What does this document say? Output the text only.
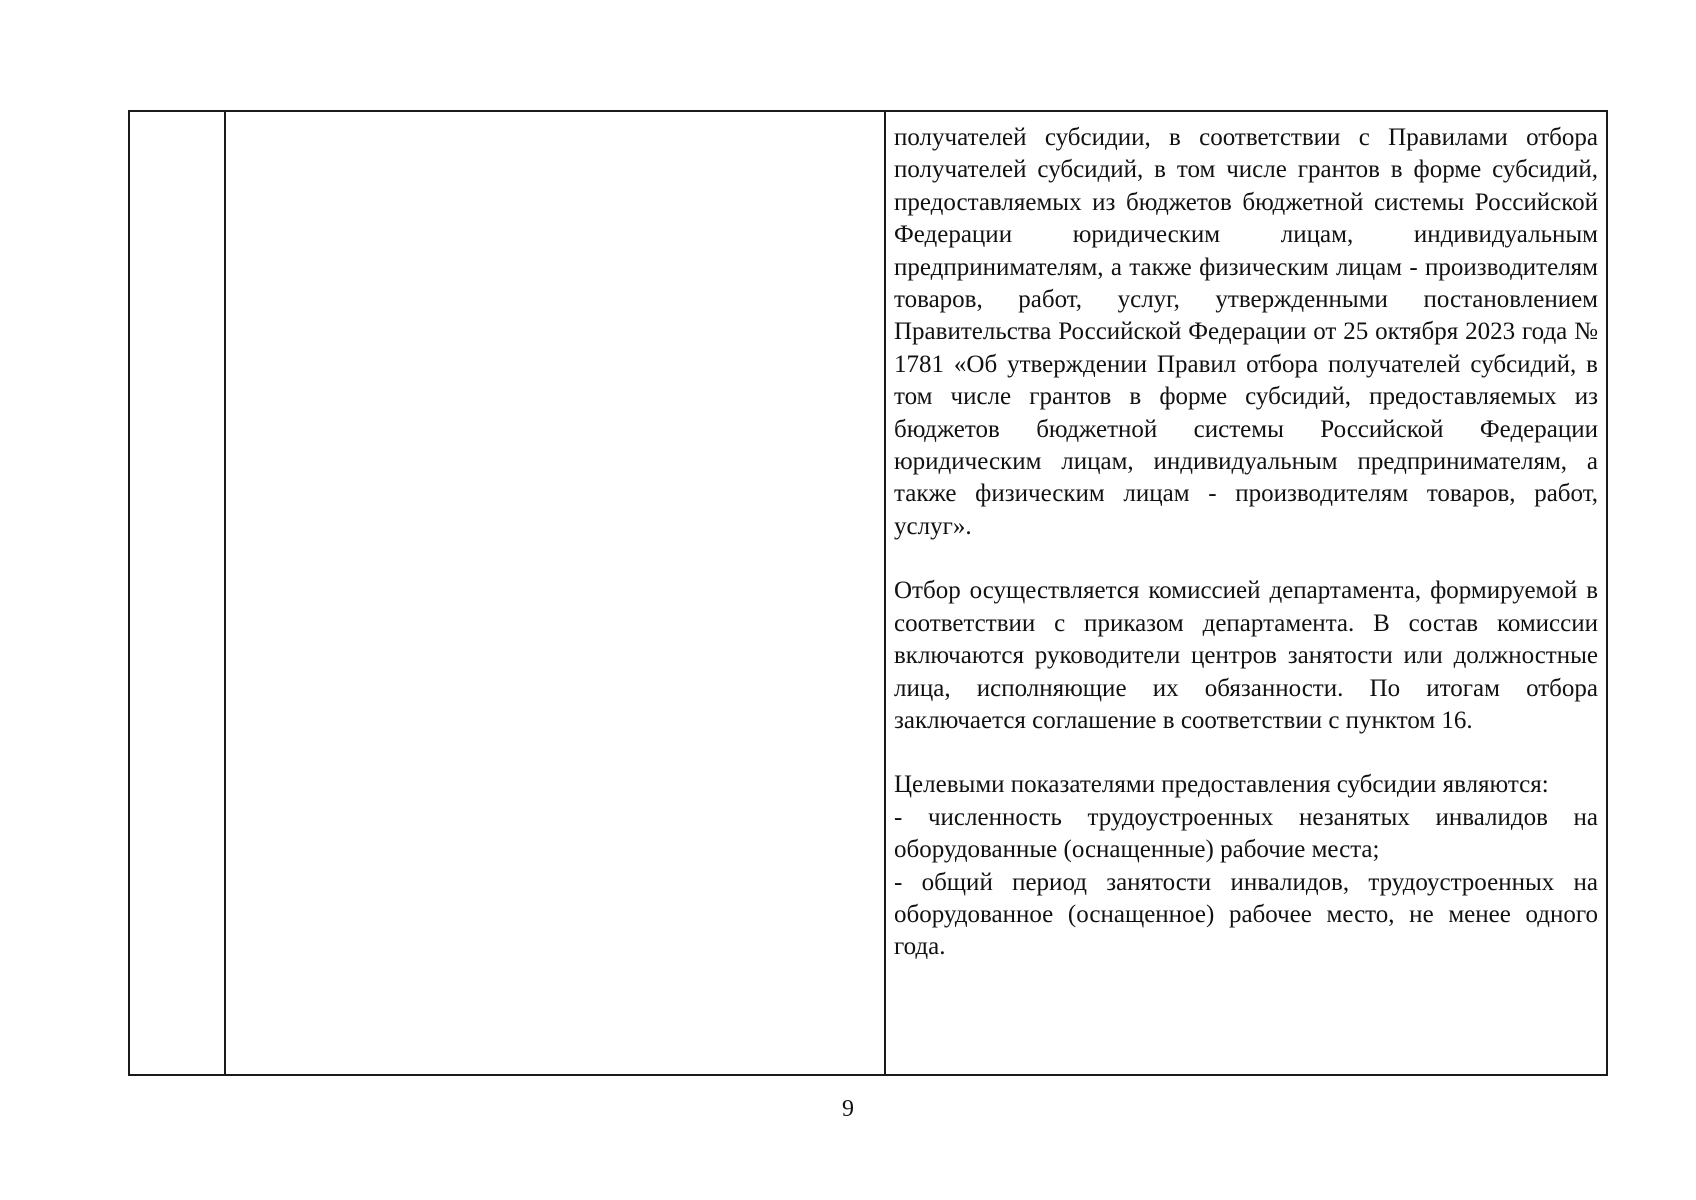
получателей субсидии, в соответствии с Правилами отбора получателей субсидий, в том числе грантов в форме субсидий, предоставляемых из бюджетов бюджетной системы Российской Федерации юридическим лицам, индивидуальным предпринимателям, а также физическим лицам - производителям товаров, работ, услуг, утвержденными постановлением Правительства Российской Федерации от 25 октября 2023 года № 1781 «Об утверждении Правил отбора получателей субсидий, в том числе грантов в форме субсидий, предоставляемых из бюджетов бюджетной системы Российской Федерации юридическим лицам, индивидуальным предпринимателям, а также физическим лицам - производителям товаров, работ, услуг».

Отбор осуществляется комиссией департамента, формируемой в соответствии с приказом департамента. В состав комиссии включаются руководители центров занятости или должностные лица, исполняющие их обязанности. По итогам отбора заключается соглашение в соответствии с пунктом 16.

Целевыми показателями предоставления субсидии являются:
- численность трудоустроенных незанятых инвалидов на оборудованные (оснащенные) рабочие места;
- общий период занятости инвалидов, трудоустроенных на оборудованное (оснащенное) рабочее место, не менее одного года.

9
